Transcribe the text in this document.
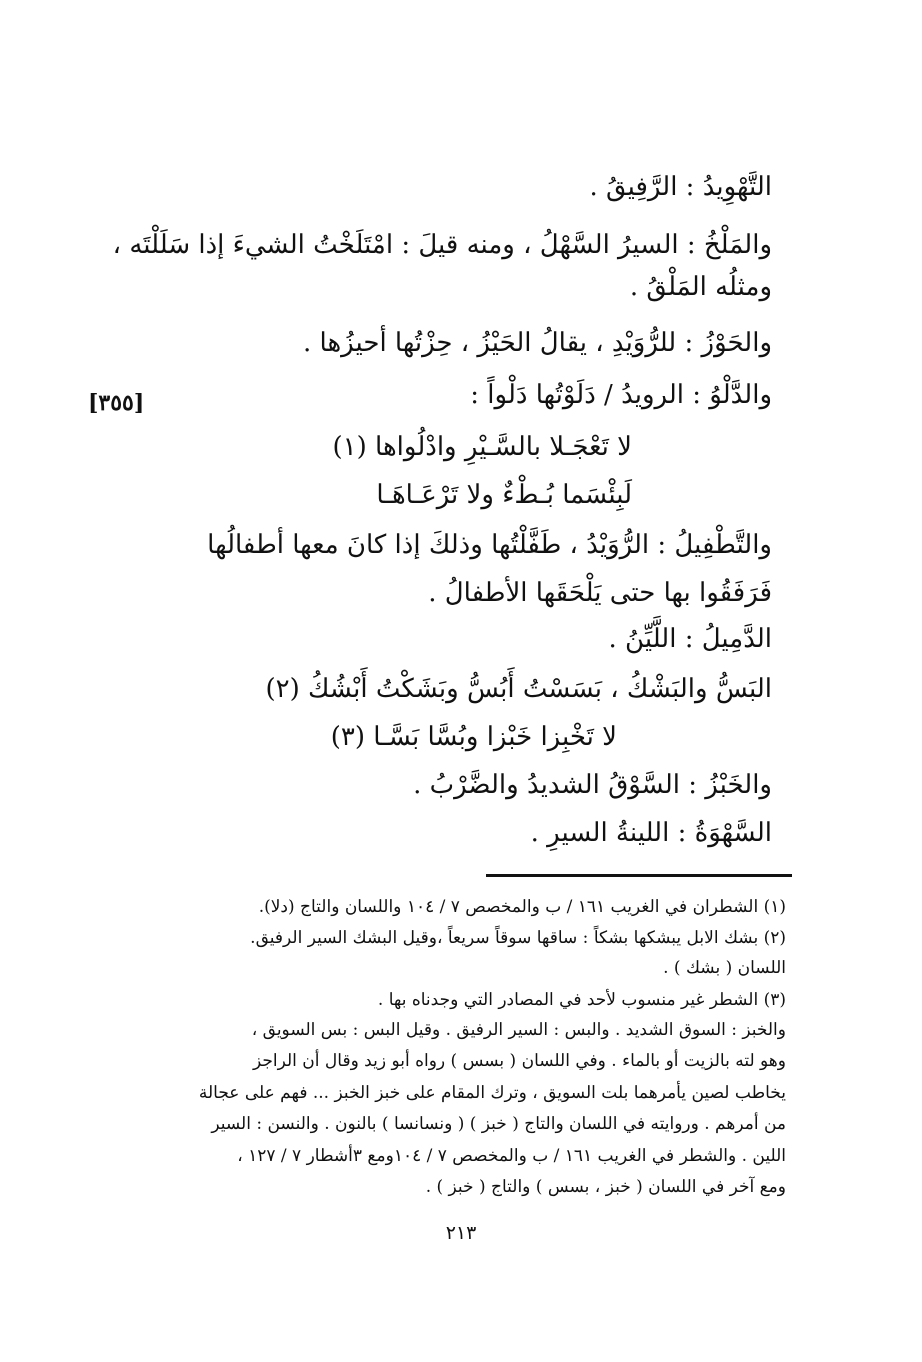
[٣٥٥]
التَّهْوِيدُ : الرَّفِيقُ .
والمَلْخُ : السيرُ السَّهْلُ ، ومنه قيلَ : امْتَلَخْتُ الشيءَ إذا سَلَلْتَه ،
ومثلُه المَلْقُ .
والحَوْزُ : للرُّوَيْدِ ، يقالُ الحَيْزُ ، حِزْتُها أحيزُها .
والدَّلْوُ : الرويدُ / دَلَوْتُها دَلْواً :
لا تَعْجَـلا بالسَّـيْرِ وادْلُواها (١)
لَبِئْسَما بُـطْءٌ ولا تَرْعَـاهَـا
والتَّطْفِيلُ : الرُّوَيْدُ ، طَفَّلْتُها وذلكَ إذا كانَ معها أطفالُها
فَرَفَقُوا بها حتى يَلْحَقَها الأطفالُ .
الدَّمِيلُ : اللَّيِّنُ .
البَسُّ والبَشْكُ ، بَسَسْتُ أَبُسُّ وبَشَكْتُ أَبْشُكُ (٢)
لا تَخْبِزا خَبْزا وبُسَّا بَسَّـا (٣)
والخَبْزُ : السَّوْقُ الشديدُ والضَّرْبُ .
السَّهْوَةُ : اللينةُ السيرِ .
(١) الشطران في الغريب ١٦١ / ب والمخصص ٧ / ١٠٤ واللسان والتاج (دلا).
(٢) بشك الابل يبشكها بشكاً : ساقها سوقاً سريعاً ،وقيل البشك السير الرفيق.
اللسان ( بشك ) .
(٣) الشطر غير منسوب لأحد في المصادر التي وجدناه بها .
والخبز : السوق الشديد . والبس : السير الرفيق . وقيل البس : بس السويق ،
وهو لته بالزيت أو بالماء . وفي اللسان ( بسس ) رواه أبو زيد وقال أن الراجز
يخاطب لصين يأمرهما بلت السويق ، وترك المقام على خبز الخبز ... فهم على عجالة
من أمرهم . وروايته في اللسان والتاج ( خبز ) ( ونسانسا ) بالنون . والنسن : السير
اللين . والشطر في الغريب ١٦١ / ب والمخصص ٧ / ١٠٤ومع ٣أشطار ٧ / ١٢٧ ،
ومع آخر في اللسان ( خبز ، بسس ) والتاج ( خبز ) .
٢١٣
